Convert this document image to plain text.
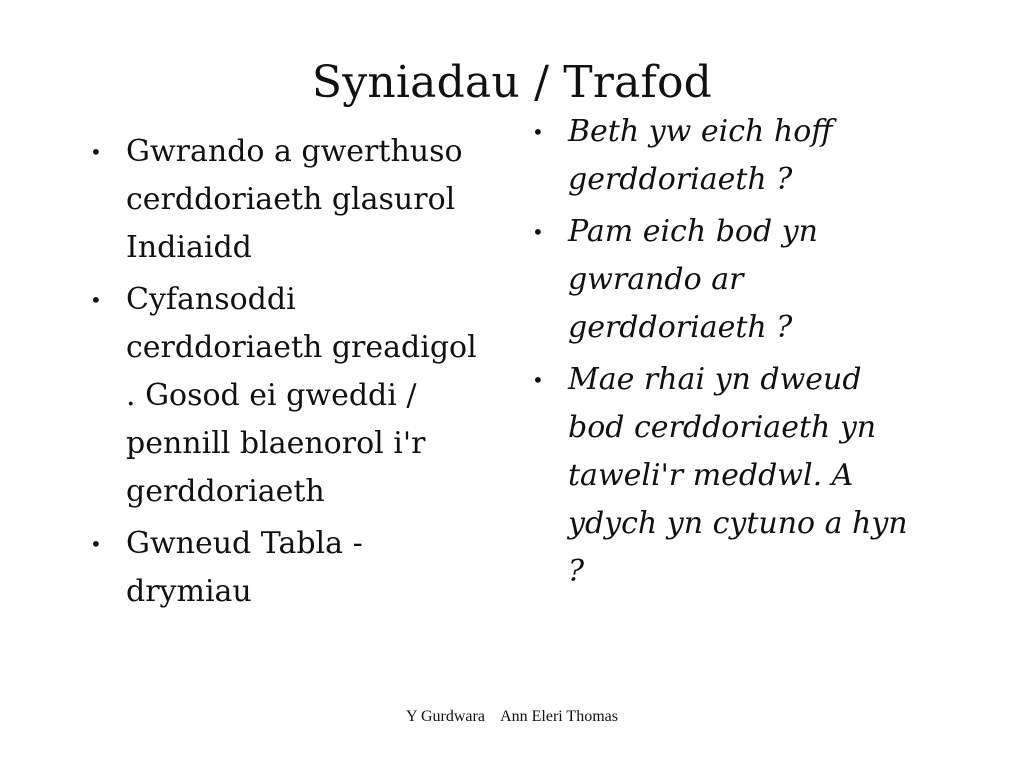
Syniadau / Trafod
• Gwrando a gwerthuso cerddoriaeth glasurol Indiaidd
• Cyfansoddi cerddoriaeth greadigol . Gosod ei gweddi / pennill blaenorol i'r gerddoriaeth
• Gwneud Tabla - drymiau
• Beth yw eich hoff gerddoriaeth ?
• Pam eich bod yn gwrando ar gerddoriaeth ?
• Mae rhai yn dweud bod cerddoriaeth yn taweli'r meddwl. A ydych yn cytuno a hyn ?
Y Gurdwara    Ann Eleri Thomas
